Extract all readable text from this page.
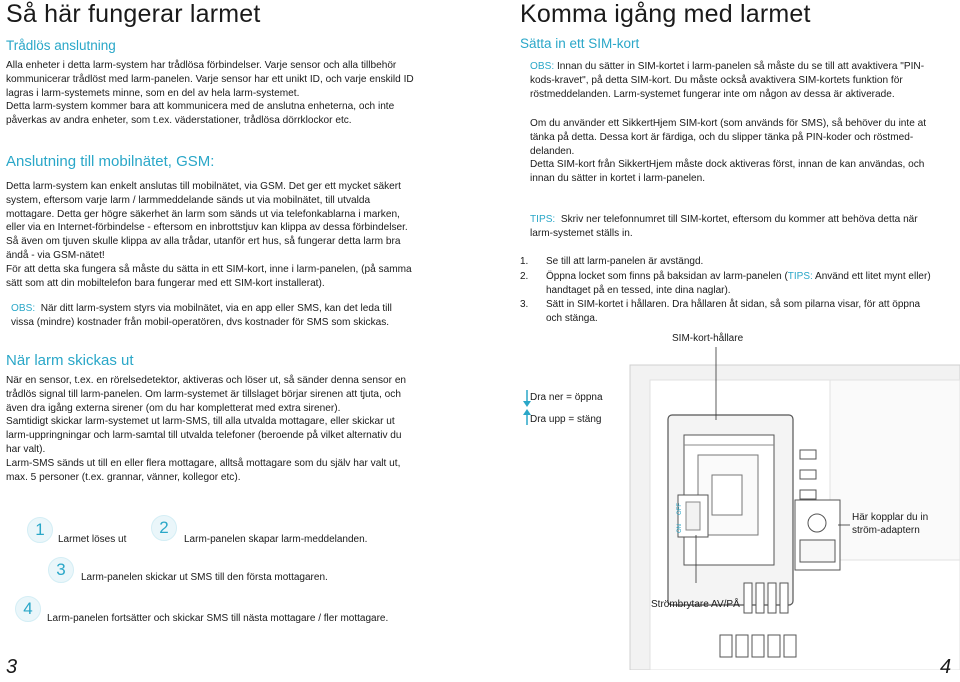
Så här fungerar larmet
Trådlös anslutning
Alla enheter i detta larm-system har trådlösa förbindelser. Varje sensor och alla tillbehör
kommunicerar trådlöst med larm-panelen. Varje sensor har ett unikt ID, och varje enskild ID
lagras i larm-systemets minne, som en del av hela larm-systemet.
Detta larm-system kommer bara att kommunicera med de anslutna enheterna, och inte
påverkas av andra enheter, som t.ex. väderstationer, trådlösa dörrklockor etc.
Anslutning till mobilnätet, GSM:
Detta larm-system kan enkelt anslutas till mobilnätet, via GSM. Det ger ett mycket säkert
system, eftersom varje larm / larmmeddelande sänds ut via mobilnätet, till utvalda
mottagare. Detta ger högre säkerhet än larm som sänds ut via telefonkablarna i marken,
eller via en Internet-förbindelse - eftersom en inbrottstjuv kan klippa av dessa förbindelser.
Så även om tjuven skulle klippa av alla trådar, utanför ert hus, så fungerar detta larm bra
ändå - via GSM-nätet!
För att detta ska fungera så måste du sätta in ett SIM-kort, inne i larm-panelen, (på samma
sätt som att din mobiltelefon bara fungerar med ett SIM-kort installerat).
OBS: När ditt larm-system styrs via mobilnätet, via en app eller SMS, kan det leda till
vissa (mindre) kostnader från mobil-operatören, dvs kostnader för SMS som skickas.
När larm skickas ut
När en sensor, t.ex. en rörelsedetektor, aktiveras och löser ut, så sänder denna sensor en
trådlös signal till larm-panelen. Om larm-systemet är tillslaget börjar sirenen att tjuta, och
även dra igång externa sirener (om du har kompletterat med extra sirener).
Samtidigt skickar larm-systemet ut larm-SMS, till alla utvalda mottagare, eller skickar ut
larm-uppringningar och larm-samtal till utvalda telefoner (beroende på vilket alternativ du
har valt).
Larm-SMS sänds ut till en eller flera mottagare, alltså mottagare som du själv har valt ut,
max. 5 personer (t.ex. grannar, vänner, kollegor etc).
1
Larmet löses ut
2
Larm-panelen skapar larm-meddelanden.
3	Larm-panelen skickar ut SMS till den första mottagaren.
4
Larm-panelen fortsätter och skickar SMS till nästa mottagare / fler mottagare.
3
Komma igång med larmet
Sätta in ett SIM-kort
OBS: Innan du sätter in SIM-kortet i larm-panelen så måste du se till att avaktivera "PIN-
kods-kravet", på detta SIM-kort. Du måste också avaktivera SIM-kortets funktion för
röstmeddelanden. Larm-systemet fungerar inte om någon av dessa är aktiverade.
Om du använder ett SikkertHjem SIM-kort (som används för SMS), så behöver du inte at
tänka på detta. Dessa kort är färdiga, och du slipper tänka på PIN-koder och röstmed-
delanden.
Detta SIM-kort från SikkertHjem måste dock aktiveras först, innan de kan användas, och
innan du sätter in kortet i larm-panelen.
TIPS: Skriv ner telefonnumret till SIM-kortet, eftersom du kommer att behöva detta när
larm-systemet ställs in.
1. Se till att larm-panelen är avstängd.
2. Öppna locket som finns på baksidan av larm-panelen (TIPS: Använd ett litet mynt eller)
handtaget på en tessed, inte dina naglar).
3. Sätt in SIM-kortet i hållaren. Dra hållaren åt sidan, så som pilarna visar, för att öppna
och stänga.
ON
OFF
SIM-kort-hållare
Dra ner = öppna
Dra upp = stäng
Här kopplar du in
ström-adaptern
Strömbrytare AV/PÅ
4
